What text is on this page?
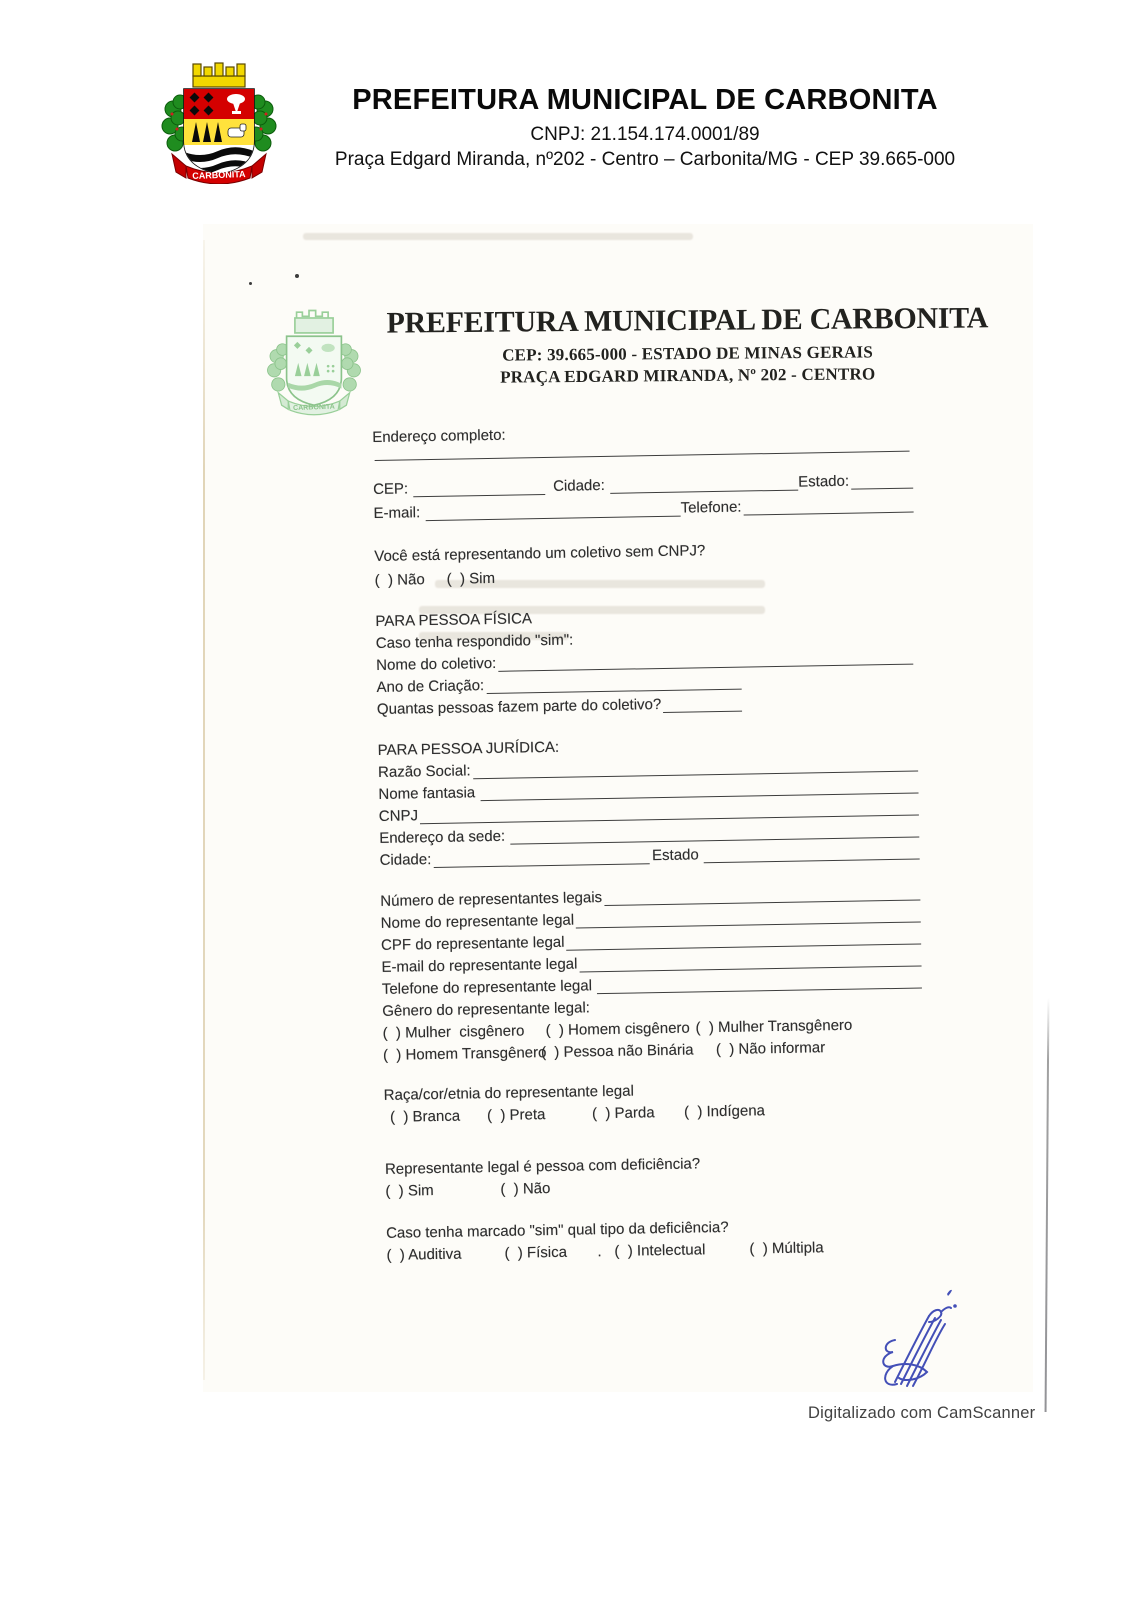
CARBONITA
PREFEITURA MUNICIPAL DE CARBONITA
CNPJ: 21.154.174.0001/89
Praça Edgard Miranda, nº202 - Centro – Carbonita/MG - CEP 39.665-000
CARBONITA
PREFEITURA MUNICIPAL DE CARBONITA
CEP: 39.665-000 - ESTADO DE MINAS GERAIS
PRAÇA EDGARD MIRANDA, Nº 202 - CENTRO
Endereço completo:
CEP:	Cidade:	Estado:
E-mail:	Telefone:
Você está representando um coletivo sem CNPJ?
(  ) Não	(  ) Sim
PARA PESSOA FÍSICA
Caso tenha respondido "sim":
Nome do coletivo:
Ano de Criação:
Quantas pessoas fazem parte do coletivo?
PARA PESSOA JURÍDICA:
Razão Social:
Nome fantasia
CNPJ
Endereço da sede:
Cidade:	Estado
Número de representantes legais
Nome do representante legal
CPF do representante legal
E-mail do representante legal
Telefone do representante legal
Gênero do representante legal:
(  ) Mulher  cisgênero	(  ) Homem cisgênero (  ) Mulher Transgênero
(  ) Homem Transgênero
(  ) Pessoa não Binária	(  ) Não informar
Raça/cor/etnia do representante legal
(  ) Branca	(  ) Preta	(  ) Parda	(  ) Indígena
Representante legal é pessoa com deficiência?
(  ) Sim	(  ) Não
Caso tenha marcado "sim" qual tipo da deficiência?
(  ) Auditiva	(  ) Física	. (  ) Intelectual	(  ) Múltipla
Digitalizado com CamScanner
